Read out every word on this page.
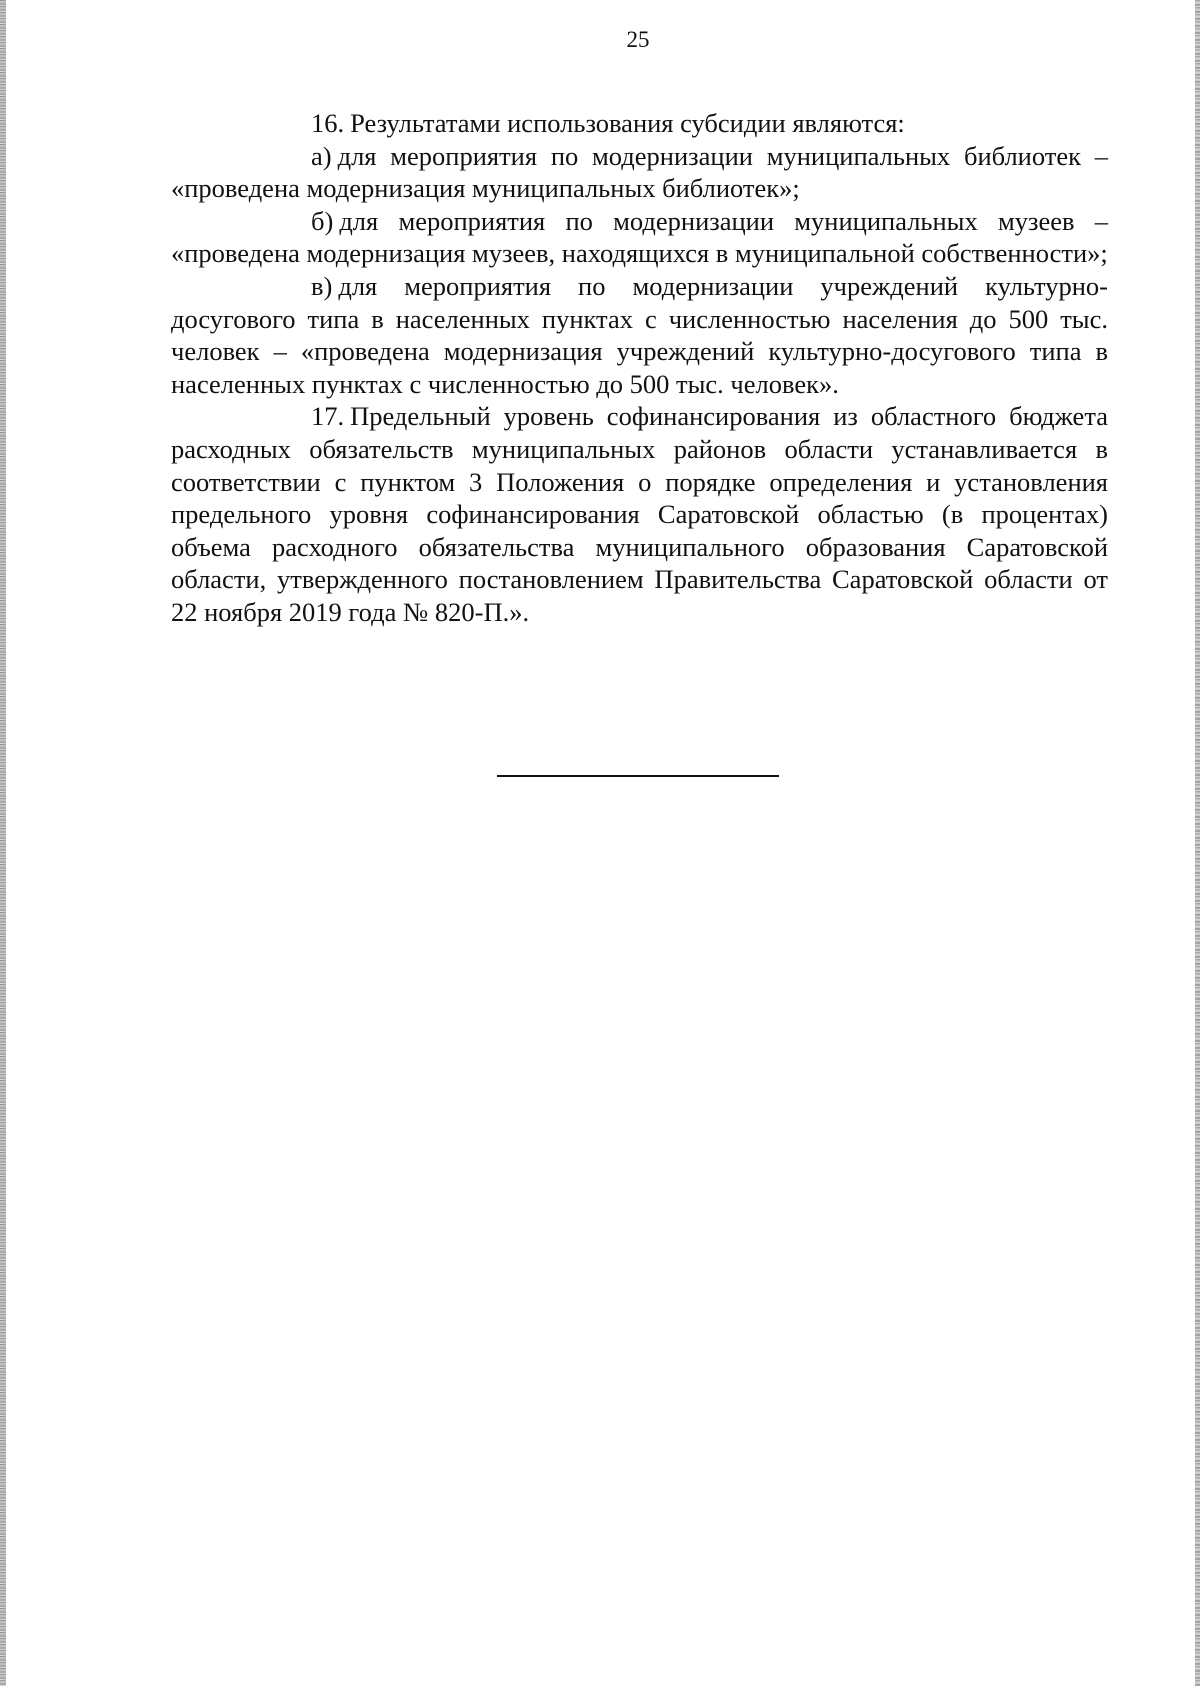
25

16. Результатами использования субсидии являются:

а) для мероприятия по модернизации муниципальных библиотек – «проведена модернизация муниципальных библиотек»;

б) для мероприятия по модернизации муниципальных музеев – «проведена модернизация музеев, находящихся в муниципальной собственности»;

в) для мероприятия по модернизации учреждений культурно-досугового типа в населенных пунктах с численностью населения до 500 тыс. человек – «проведена модернизация учреждений культурно-досугового типа в населенных пунктах с численностью до 500 тыс. человек».

17. Предельный уровень софинансирования из областного бюджета расходных обязательств муниципальных районов области устанавливается в соответствии с пунктом 3 Положения о порядке определения и установления предельного уровня софинансирования Саратовской областью (в процентах) объема расходного обязательства муниципального образования Саратовской области, утвержденного постановлением Правительства Саратовской области от 22 ноября 2019 года № 820-П.».
